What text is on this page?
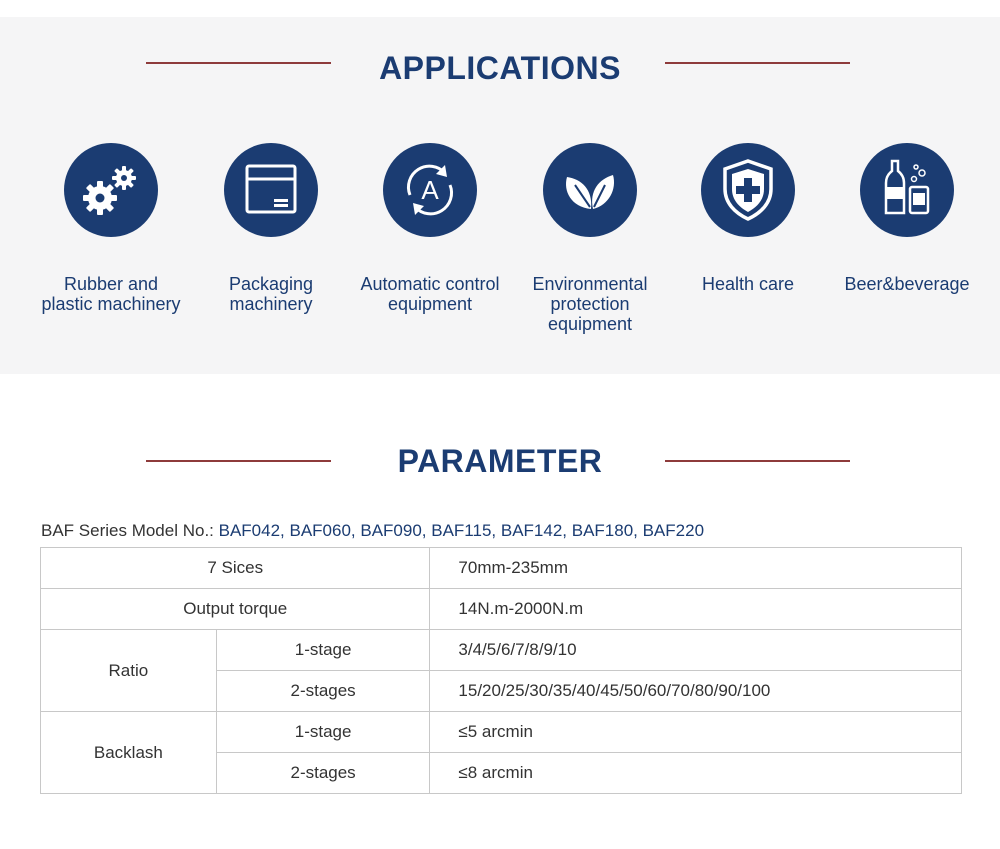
APPLICATIONS
Rubber and
plastic machinery
Packaging
machinery
A
Automatic control
equipment
Environmental
protection
equipment
Health care	Beer&beverage
PARAMETER
BAF Series Model No.: BAF042, BAF060, BAF090, BAF115, BAF142, BAF180, BAF220
7 Sices		70mm-235mm
Output torque		14N.m-2000N.m
Ratio	1-stage	3/4/5/6/7/8/9/10
	2-stages	15/20/25/30/35/40/45/50/60/70/80/90/100
Backlash	1-stage	≤5 arcmin
	2-stages	≤8 arcmin
